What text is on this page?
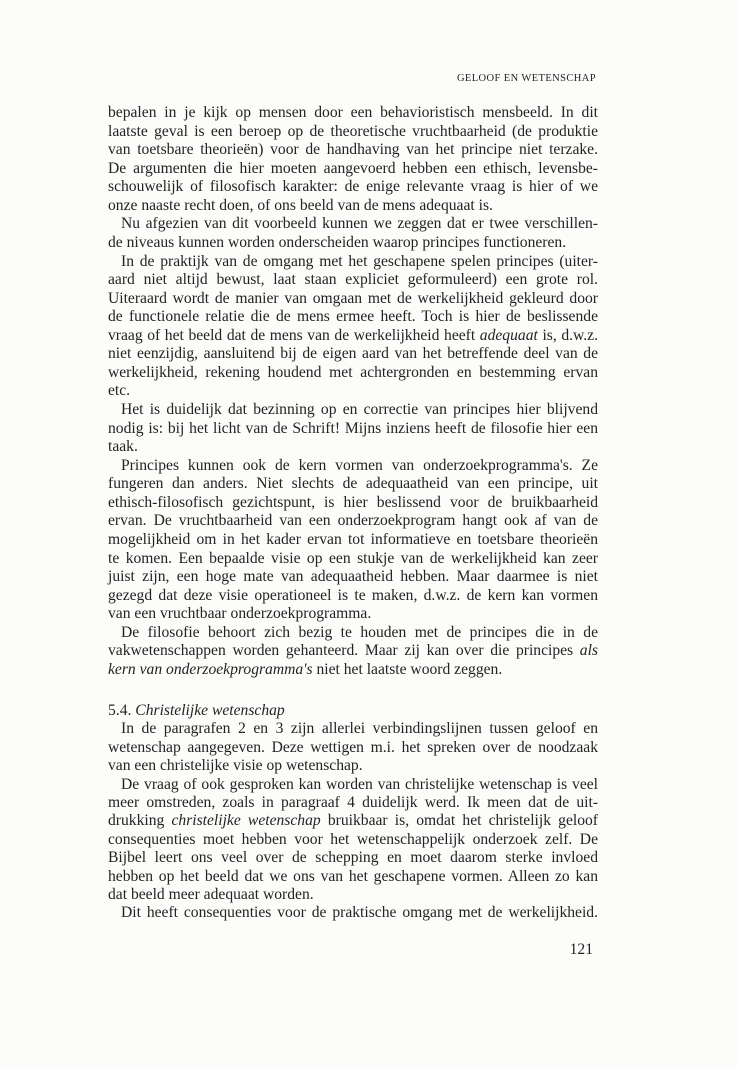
GELOOF EN WETENSCHAP
bepalen in je kijk op mensen door een behavioristisch mensbeeld. In dit
laatste geval is een beroep op de theoretische vruchtbaarheid (de produktie
van toetsbare theorieën) voor de handhaving van het principe niet terzake.
De argumenten die hier moeten aangevoerd hebben een ethisch, levensbe-
schouwelijk of filosofisch karakter: de enige relevante vraag is hier of we
onze naaste recht doen, of ons beeld van de mens adequaat is.
Nu afgezien van dit voorbeeld kunnen we zeggen dat er twee verschillen-
de niveaus kunnen worden onderscheiden waarop principes functioneren.
In de praktijk van de omgang met het geschapene spelen principes (uiter-
aard niet altijd bewust, laat staan expliciet geformuleerd) een grote rol.
Uiteraard wordt de manier van omgaan met de werkelijkheid gekleurd door
de functionele relatie die de mens ermee heeft. Toch is hier de beslissende
vraag of het beeld dat de mens van de werkelijkheid heeft adequaat is, d.w.z.
niet eenzijdig, aansluitend bij de eigen aard van het betreffende deel van de
werkelijkheid, rekening houdend met achtergronden en bestemming ervan
etc.
Het is duidelijk dat bezinning op en correctie van principes hier blijvend
nodig is: bij het licht van de Schrift! Mijns inziens heeft de filosofie hier een
taak.
Principes kunnen ook de kern vormen van onderzoekprogramma's. Ze
fungeren dan anders. Niet slechts de adequaatheid van een principe, uit
ethisch-filosofisch gezichtspunt, is hier beslissend voor de bruikbaarheid
ervan. De vruchtbaarheid van een onderzoekprogram hangt ook af van de
mogelijkheid om in het kader ervan tot informatieve en toetsbare theorieën
te komen. Een bepaalde visie op een stukje van de werkelijkheid kan zeer
juist zijn, een hoge mate van adequaatheid hebben. Maar daarmee is niet
gezegd dat deze visie operationeel is te maken, d.w.z. de kern kan vormen
van een vruchtbaar onderzoekprogramma.
De filosofie behoort zich bezig te houden met de principes die in de
vakwetenschappen worden gehanteerd. Maar zij kan over die principes als
kern van onderzoekprogramma's niet het laatste woord zeggen.
5.4. Christelijke wetenschap
In de paragrafen 2 en 3 zijn allerlei verbindingslijnen tussen geloof en
wetenschap aangegeven. Deze wettigen m.i. het spreken over de noodzaak
van een christelijke visie op wetenschap.
De vraag of ook gesproken kan worden van christelijke wetenschap is veel
meer omstreden, zoals in paragraaf 4 duidelijk werd. Ik meen dat de uit-
drukking christelijke wetenschap bruikbaar is, omdat het christelijk geloof
consequenties moet hebben voor het wetenschappelijk onderzoek zelf. De
Bijbel leert ons veel over de schepping en moet daarom sterke invloed
hebben op het beeld dat we ons van het geschapene vormen. Alleen zo kan
dat beeld meer adequaat worden.
Dit heeft consequenties voor de praktische omgang met de werkelijkheid.
121
